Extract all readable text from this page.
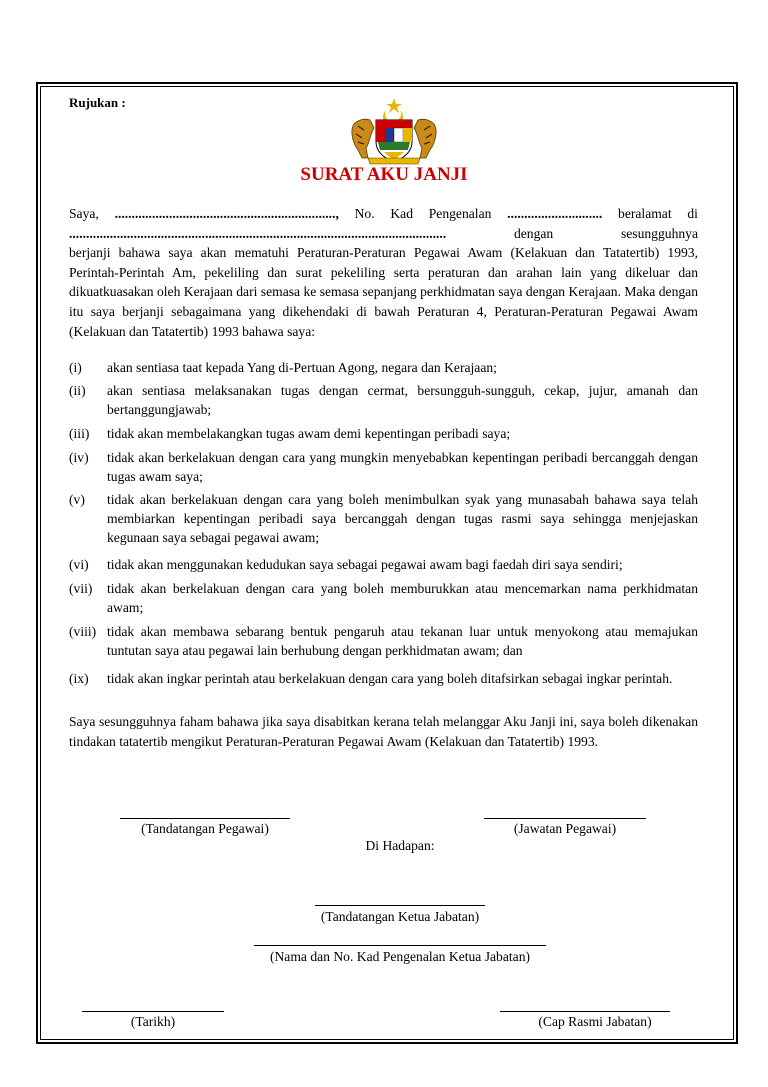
Rujukan :
SURAT AKU JANJI
Saya, ................................................................., No. Kad Pengenalan ............................ beralamat di
...............................................................................................................	dengan	sesungguhnya
berjanji bahawa saya akan mematuhi Peraturan-Peraturan Pegawai Awam (Kelakuan dan Tatatertib) 1993, Perintah-Perintah Am, pekeliling dan surat pekeliling serta peraturan dan arahan lain yang dikeluar dan dikuatkuasakan oleh Kerajaan dari semasa ke semasa sepanjang perkhidmatan saya dengan Kerajaan. Maka dengan itu saya berjanji sebagaimana yang dikehendaki di bawah Peraturan 4, Peraturan-Peraturan Pegawai Awam (Kelakuan dan Tatatertib) 1993 bahawa saya:
(i)	akan sentiasa taat kepada Yang di-Pertuan Agong, negara dan Kerajaan;
(ii)	akan sentiasa melaksanakan tugas dengan cermat, bersungguh-sungguh, cekap, jujur, amanah dan bertanggungjawab;
(iii)	tidak akan membelakangkan tugas awam demi kepentingan peribadi saya;
(iv)	tidak akan berkelakuan dengan cara yang mungkin menyebabkan kepentingan peribadi bercanggah dengan tugas awam saya;
(v)	tidak akan berkelakuan dengan cara yang boleh menimbulkan syak yang munasabah bahawa saya telah membiarkan kepentingan peribadi saya bercanggah dengan tugas rasmi saya sehingga menjejaskan kegunaan saya sebagai pegawai awam;
(vi)	tidak akan menggunakan kedudukan saya sebagai pegawai awam bagi faedah diri saya sendiri;
(vii)	tidak akan berkelakuan dengan cara yang boleh memburukkan atau mencemarkan nama perkhidmatan awam;
(viii) tidak akan membawa sebarang bentuk pengaruh atau tekanan luar untuk menyokong atau memajukan tuntutan saya atau pegawai lain berhubung dengan perkhidmatan awam; dan
(ix)	tidak akan ingkar perintah atau berkelakuan dengan cara yang boleh ditafsirkan sebagai ingkar perintah.
Saya sesungguhnya faham bahawa jika saya disabitkan kerana telah melanggar Aku Janji ini, saya boleh dikenakan tindakan tatatertib mengikut Peraturan-Peraturan Pegawai Awam (Kelakuan dan Tatatertib) 1993.
(Tandatangan Pegawai)	(Jawatan Pegawai)
Di Hadapan:
(Tandatangan Ketua Jabatan)
(Nama dan No. Kad Pengenalan Ketua Jabatan)
(Tarikh)	(Cap Rasmi Jabatan)
